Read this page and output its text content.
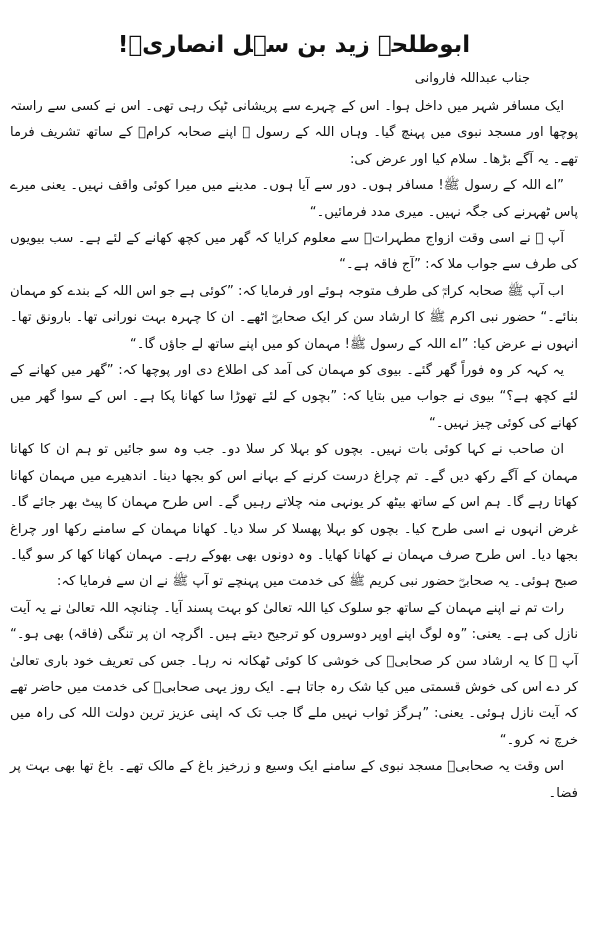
ابوطلحہ زید بن سہل انصاریؓ!
جناب عبداللہ فاروانی

ایک مسافر شہر میں داخل ہوا۔ اس کے چہرے سے پریشانی ٹپک رہی تھی۔ اس نے کسی سے راستہ پوچھا اور مسجد نبوی میں پہنچ گیا۔ وہاں اللہ کے رسول ﷺ اپنے صحابہ کرامؓ کے ساتھ تشریف فرما تھے۔ یہ آگے بڑھا۔ سلام کیا اور عرض کی:

”اے اللہ کے رسول ﷺ! مسافر ہوں۔ دور سے آیا ہوں۔ مدینے میں میرا کوئی واقف نہیں۔ یعنی میرے پاس ٹھہرنے کی جگہ نہیں۔ میری مدد فرمائیں۔“

آپ ﷺ نے اسی وقت ازواج مطہراتؓ سے معلوم کرایا کہ گھر میں کچھ کھانے کے لئے ہے۔ سب بیویوں کی طرف سے جواب ملا کہ: ”آج فاقہ ہے۔“

اب آپ ﷺ صحابہ کرامؓ کی طرف متوجہ ہوئے اور فرمایا کہ: ”کوئی ہے جو اس اللہ کے بندے کو مہمان بنائے۔“ حضور نبی اکرم ﷺ کا ارشاد سن کر ایک صحابیؓ اٹھے۔ ان کا چہرہ بہت نورانی تھا۔ بارونق تھا۔ انہوں نے عرض کیا: ”اے اللہ کے رسول ﷺ! مہمان کو میں اپنے ساتھ لے جاؤں گا۔“

یہ کہہ کر وہ فوراً گھر گئے۔ بیوی کو مہمان کی آمد کی اطلاع دی اور پوچھا کہ: ”گھر میں کھانے کے لئے کچھ ہے؟“ بیوی نے جواب میں بتایا کہ: ”بچوں کے لئے تھوڑا سا کھانا پکا ہے۔ اس کے سوا گھر میں کھانے کی کوئی چیز نہیں۔“

ان صاحب نے کہا کوئی بات نہیں۔ بچوں کو بہلا کر سلا دو۔ جب وہ سو جائیں تو ہم ان کا کھانا مہمان کے آگے رکھ دیں گے۔ تم چراغ درست کرنے کے بہانے اس کو بجھا دینا۔ اندھیرے میں مہمان کھانا کھاتا رہے گا۔ ہم اس کے ساتھ بیٹھ کر یونہی منہ چلاتے رہیں گے۔ اس طرح مہمان کا پیٹ بھر جائے گا۔ غرض انہوں نے اسی طرح کیا۔ بچوں کو بہلا پھسلا کر سلا دیا۔ کھانا مہمان کے سامنے رکھا اور چراغ بجھا دیا۔ اس طرح صرف مہمان نے کھانا کھایا۔ وہ دونوں بھی بھوکے رہے۔ مہمان کھانا کھا کر سو گیا۔ صبح ہوئی۔ یہ صحابیؓ حضور نبی کریم ﷺ کی خدمت میں پہنچے تو آپ ﷺ نے ان سے فرمایا کہ:

رات تم نے اپنے مہمان کے ساتھ جو سلوک کیا اللہ تعالیٰ کو بہت پسند آیا۔ چنانچہ اللہ تعالیٰ نے یہ آیت نازل کی ہے۔ یعنی: ”وہ لوگ اپنے اوپر دوسروں کو ترجیح دیتے ہیں۔ اگرچہ ان پر تنگی (فاقہ) بھی ہو۔“ آپ ﷺ کا یہ ارشاد سن کر صحابیؓ کی خوشی کا کوئی ٹھکانہ نہ رہا۔ جس کی تعریف خود باری تعالیٰ کر دے اس کی خوش قسمتی میں کیا شک رہ جاتا ہے۔ ایک روز یہی صحابیؓ کی خدمت میں حاضر تھے کہ آیت نازل ہوئی۔ یعنی: ”ہرگز ثواب نہیں ملے گا جب تک کہ اپنی عزیز ترین دولت اللہ کی راہ میں خرچ نہ کرو۔“

اس وقت یہ صحابیؓ مسجد نبوی کے سامنے ایک وسیع و زرخیز باغ کے مالک تھے۔ باغ تھا بھی بہت پر فضا۔
